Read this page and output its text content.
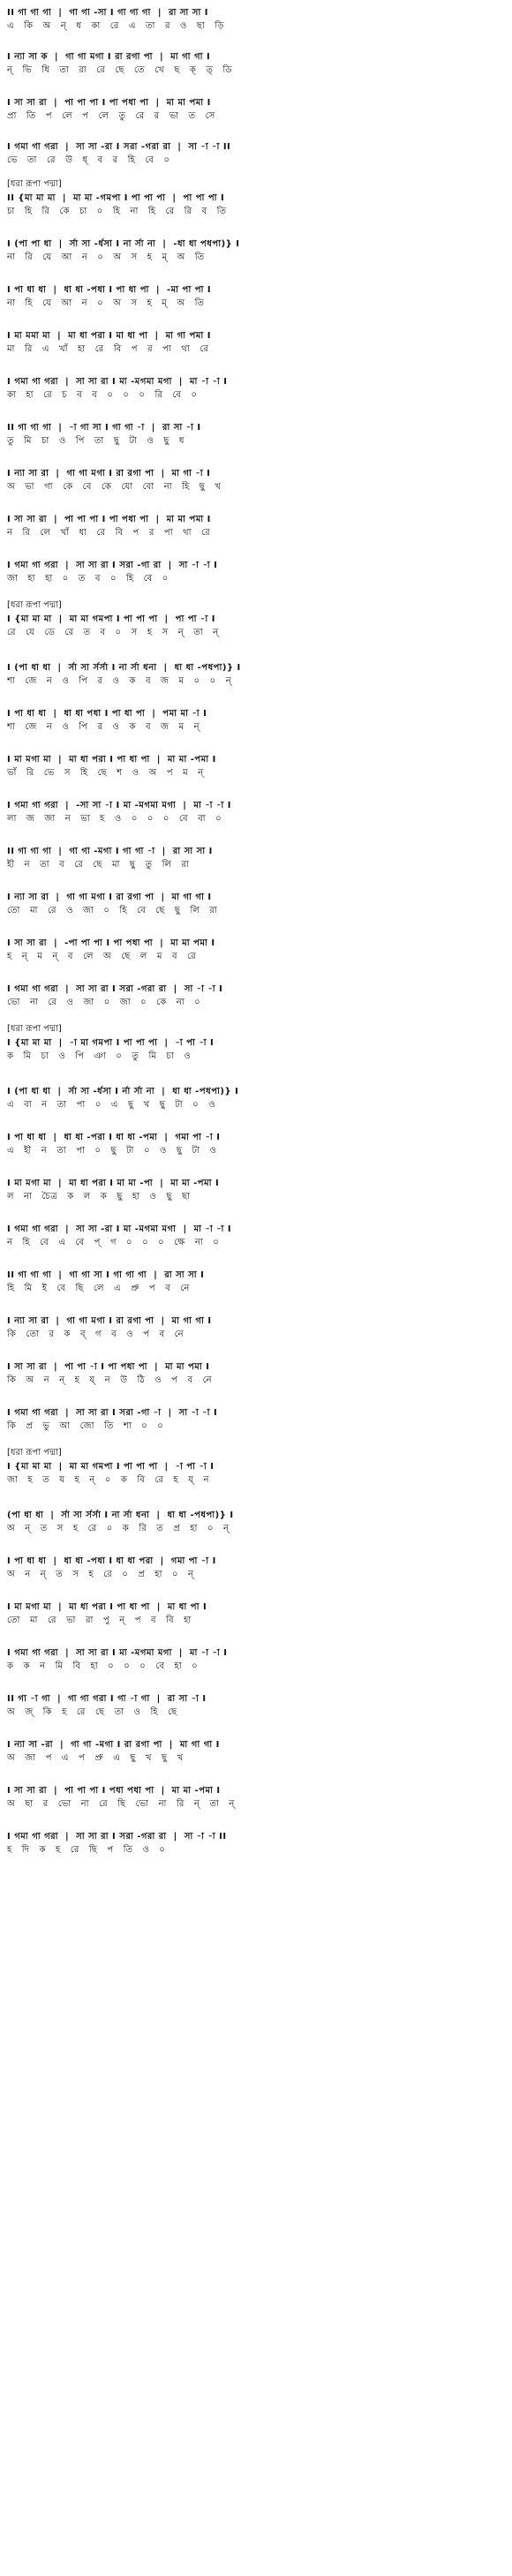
II গা গা গা  |  গা গা -সা I গা গা গা  |  রা সা সা I
এ   কি   অ   ন্   ধ   কা   রে   এ   তা   র   ও   ছা   ড়ি
I ন্যা সা ক  |  গা গা মগা I রা রগা পা  |  মা গা গা I
ন্   ভি   ধি   তা   রা   রে   ছে   তে   খে   ছ   ক্   ত্   ডি
I সা সা রা  |  পা পা পা I পা পধা পা  |  মা মা পমা I
প্রা   তি   প   লে   প   লে   তু   রে   র   ভা   ত   সে
I গমা গা গরা  |  সা সা -রা I সরা -গরা রা  |  সা -া -া II
ভে   তা   রে   উ   ধ্   ব   র   হি   বে   ০
[ধরা রূপা পদ্মা]
II {মা মা মা  |  মা মা -গমপা I পা পা পা  |  পা পা পা I
চা   হি   রি   কে   চা   ০   হি   না   হি   রে   রি   ব   তি
I (পা পা ধা  |  র্সা সা -র্ধসা I না র্সা না  |  -ধা ধা পধপা)} I
না   রি   যে   আ   ন   ০   অ   স   হ   ম্   অ   তি
I পা ধা ধা  |  ধা ধা -পধা I পা ধা পা  |  -মা পা পা I
না   হি   যে   আ   ন   ০   অ   স   হ   ম্   অ   তি
I মা মমা মা  |  মা ধা পরা I মা ধা পা  |  মা গা পমা I
মা   রি   এ   খাঁ   হা   রে   বি   প   র   পা   থা   রে
I গমা গা গরা  |  সা সা রা I মা -মগমা মগা  |  মা -া -া I
কা   হা   রে   চ   ব   ব   ০   ০   ০   রি   বে   ০
II গা গা গা  |  -া গা সা I গা গা -া  |  রা সা -া I
তু   মি   চা   ও   পি   তা   ছু   টা   ও   ছু   ধ
I ন্যা সা রা  |  গা গা মগা I রা রগা পা  |  মা গা -া I
অ   ভা   গা   কে   বে   কে   যো   বো   না   হি   ছু   খ
I সা সা রা  |  পা পা পা I পা পধা পা  |  মা মা পমা I
ন   রি   লে   খাঁ   ধা   রে   বি   প   র   পা   থা   রে
I গমা গা গরা  |  সা সা রা I সরা -গা রা  |  সা -া -া I
জা   হা   হা   ০   ত   ব   ০   হি   বে   ০
[ধরা রূপা পদ্মা]
I {মা মা মা  |  মা মা গমপা I পা পা পা  |  পা পা -া I
রে   যে   ডে   রে   ত   ব   ০   স   হ   স   ন্   তা   ন্
I (পা ধা ধা  |  র্সা সা র্সর্সা I না র্সা ধনা  |  ধা ধা -পধপা)} I
শা   জে   ন   ও   পি   র   ও   ক   ব   জ   ম   ০   ০   ন্
I পা ধা ধা  |  ধা ধা পধা I পা ধা পা  |  পমা মা -া I
শা   জে   ন   ও   পি   র   ও   ক   ব   জ   ম   ন্
I মা মগা মা  |  মা ধা পরা I পা ধা পা  |  মা মা -পমা I
ভাঁ   রি   ভে   স   হি   ছে   শ   ও   অ   প   ম   ন্
I গমা গা গরা  |  -সা সা -া I মা -মগমা মগা  |  মা -া -া I
লা   জ   জা   ন   ভা   হ   ও   ০   ০   ০   বে   বা   ০
II গা গা গা  |  গা গা -মগা I গা গা -া  |  রা সা সা I
হী   ন   তা   ব   রে   ছে   মা   ছু   তু   লি   রা
I ন্যা সা রা  |  গা গা মগা I রা রগা পা  |  মা গা গা I
তো   মা   রে   ও   জা   ০   হি   বে   ছে   ছু   লি   রা
I সা সা রা  |  -পা পা পা I পা পধা পা  |  মা মা পমা I
হ   ন্   ম   ন্   ব   লে   অ   ছে   ল   ম   ব   রে
I গমা গা গরা  |  সা সা রা I সরা -গরা রা  |  সা -া -া I
ভো   না   রে   ও   জা   ০   জা   ০   কে   না   ০
[ধরা রূপা পদ্মা]
I {মা মা মা  |  -া মা গমপা I পা পা পা  |  -া পা -া I
ক   মি   চা   ও   পি   ঞা   ০   তু   মি   চা   ও
I (পা ধা ধা  |  র্সা সা -র্ধসা I র্না র্সা না  |  ধা ধা -পধপা)} I
এ   বা   ন   তা   পা   ০   এ   ছু   খ   ছু   টা   ০   ও
I পা ধা ধা  |  ধা ধা -পরা I ধা ধা -পমা  |  গমা পা -া I
এ   হী   ন   তা   পা   ০   ছু   টা   ০   ও   ছু   টা   ও
I মা মগা মা  |  মা ধা পরা I মা মা -পা  |  মা মা -পমা I
ল   না   চৈত্র   ক   ল   ক   ছু   হা   ও   ছু   ছা
I গমা গা গরা  |  সা সা -রা I মা -মগমা মগা  |  মা -া -া I
ন   হি   বে   এ   বে   প্   গ   ০   ০   ০   ক্ষে   না   ০
II গা গা গা  |  গা গা সা I গা গা গা  |  রা সা সা I
হি   মি   ই   বে   ছি   লে   এ   প্রু   প   ব   নে
I ন্যা সা রা  |  গা গা মগা I রা রগা পা  |  মা গা গা I
কি   তো   র   ক   ব্   গ   ব   ও   প   ব   নে
I সা সা রা  |  পা পা -া I পা পধা পা  |  মা মা পমা I
কি   অ   ন   ন্   হ   য্   ন   উ   ঠি   ও   প   ব   নে
I গমা গা গরা  |  সা সা রা I সরা -গা -া  |  সা -া -া I
কি   প্র   ভু   আ   জো   তি   শা   ০   ০
[ধরা রূপা পদ্মা]
I {মা মা মা  |  মা মা গমপা I পা পা পা  |  -া পা -া I
জা   হ   ত   য   হ   ন্   ০   ক   বি   রে   হ   য্   ন
(পা ধা ধা  |  র্সা সা র্সর্সা I না র্সা ধনা  |  ধা ধা -পধপা)} I
অ   ন্   ত   স   হ   রে   ০   ক   রি   ত   প্র   হা   ০   ন্
I পা ধা ধা  |  ধা ধা -পধা I ধা ধা পরা  |  গমা পা -া I
অ   ন   ন্   ত   স   হ   রে   ০   প্র   হা   ০   ন্
I মা মগা মা  |  মা ধা পরা I পা ধা পা  |  মা ধা পা I
তো   মা   রে   ভা   রা   পু   ন্   প   ব   বি   হা
I গমা গা গরা  |  সা সা রা I মা -মগমা মগা  |  মা -া -া I
ক   ক   ন   মি   বি   হা   ০   ০   ০   বে   হা   ০
II গা -া গা  |  গা গা গরা I গা -া গা  |  রা সা -া I
অ   জ্   কি   হ   রে   ছে   তা   ও   হি   ছে
I ন্যা সা -রা  |  গা গা -মগা I রা রগা পা  |  মা গা গা I
অ   জা   প   এ   প   প্রু   এ   ছু   খ   ছু   খ
I সা সা রা  |  পা পা পা I পধা পধা পা  |  মা মা -পমা I
অ   ছা   র   ভো   না   রে   ছি   ভো   না   রি   ন্   তা   ন্
I গমা গা গরা  |  সা সা রা I সরা -গরা রা  |  সা -া -া II
হ   দি   ক   হ   রে   ছি   প   তি   ও   ০
